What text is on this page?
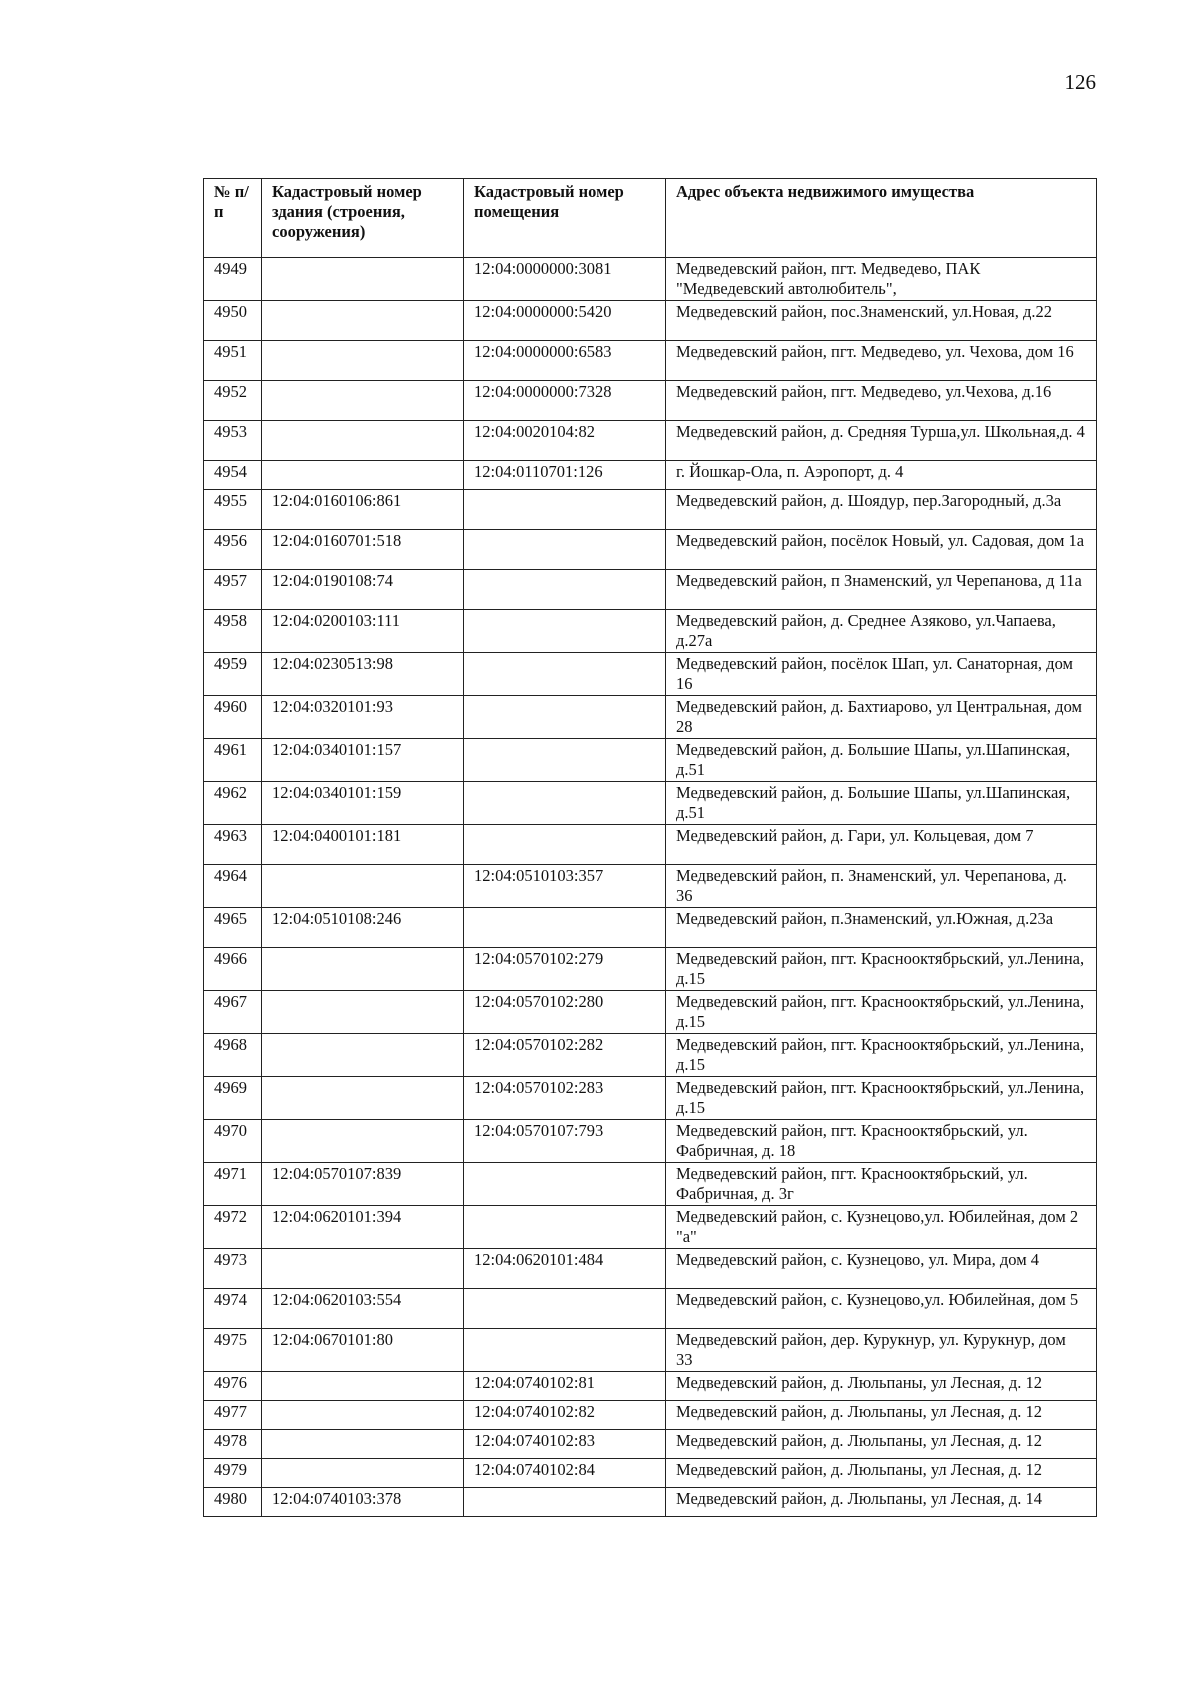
126
№ п/п	Кадастровый номер здания (строения, сооружения)	Кадастровый номер помещения	Адрес объекта недвижимого имущества
4949		12:04:0000000:3081	Медведевский район, пгт. Медведево, ПАК "Медведевский автолюбитель",
4950		12:04:0000000:5420	Медведевский район, пос.Знаменский, ул.Новая, д.22
4951		12:04:0000000:6583	Медведевский район, пгт. Медведево, ул. Чехова, дом 16
4952		12:04:0000000:7328	Медведевский район, пгт. Медведево, ул.Чехова, д.16
4953		12:04:0020104:82	Медведевский район, д. Средняя Турша,ул. Школьная,д. 4
4954		12:04:0110701:126	г. Йошкар-Ола, п. Аэропорт, д. 4
4955	12:04:0160106:861		Медведевский район, д. Шоядур, пер.Загородный, д.3а
4956	12:04:0160701:518		Медведевский район, посёлок Новый, ул. Садовая, дом 1а
4957	12:04:0190108:74		Медведевский район, п Знаменский, ул Черепанова, д 11а
4958	12:04:0200103:111		Медведевский район, д. Среднее Азяково, ул.Чапаева, д.27а
4959	12:04:0230513:98		Медведевский район, посёлок Шап, ул. Санаторная, дом 16
4960	12:04:0320101:93		Медведевский район, д. Бахтиарово, ул Центральная, дом 28
4961	12:04:0340101:157		Медведевский район, д. Большие Шапы, ул.Шапинская, д.51
4962	12:04:0340101:159		Медведевский район, д. Большие Шапы, ул.Шапинская, д.51
4963	12:04:0400101:181		Медведевский район, д. Гари, ул. Кольцевая, дом 7
4964		12:04:0510103:357	Медведевский район, п. Знаменский, ул. Черепанова, д. 36
4965	12:04:0510108:246		Медведевский район, п.Знаменский, ул.Южная, д.23а
4966		12:04:0570102:279	Медведевский район, пгт. Краснооктябрьский, ул.Ленина, д.15
4967		12:04:0570102:280	Медведевский район, пгт. Краснооктябрьский, ул.Ленина, д.15
4968		12:04:0570102:282	Медведевский район, пгт. Краснооктябрьский, ул.Ленина, д.15
4969		12:04:0570102:283	Медведевский район, пгт. Краснооктябрьский, ул.Ленина, д.15
4970		12:04:0570107:793	Медведевский район, пгт. Краснооктябрьский, ул. Фабричная, д. 18
4971	12:04:0570107:839		Медведевский район, пгт. Краснооктябрьский, ул. Фабричная, д. 3г
4972	12:04:0620101:394		Медведевский район, с. Кузнецово,ул. Юбилейная, дом 2 "а"
4973		12:04:0620101:484	Медведевский район, с. Кузнецово, ул. Мира, дом 4
4974	12:04:0620103:554		Медведевский район, с. Кузнецово,ул. Юбилейная, дом 5
4975	12:04:0670101:80		Медведевский район, дер. Курукнур, ул. Курукнур, дом 33
4976		12:04:0740102:81	Медведевский район, д. Люльпаны, ул Лесная, д. 12
4977		12:04:0740102:82	Медведевский район, д. Люльпаны, ул Лесная, д. 12
4978		12:04:0740102:83	Медведевский район, д. Люльпаны, ул Лесная, д. 12
4979		12:04:0740102:84	Медведевский район, д. Люльпаны, ул Лесная, д. 12
4980	12:04:0740103:378		Медведевский район, д. Люльпаны, ул Лесная, д. 14
